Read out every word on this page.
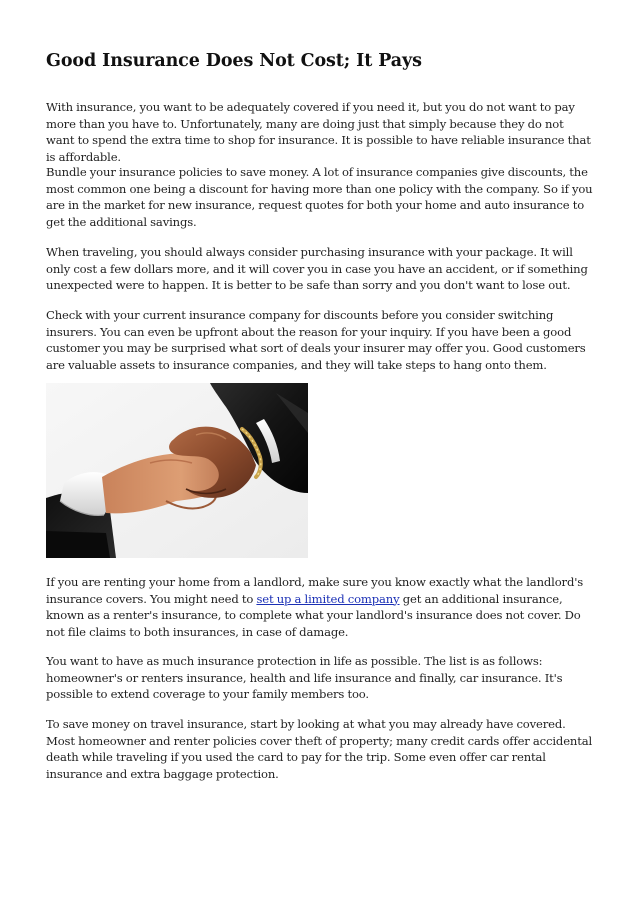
Good Insurance Does Not Cost; It Pays

With insurance, you want to be adequately covered if you need it, but you do not want to pay more than you have to. Unfortunately, many are doing just that simply because they do not want to spend the extra time to shop for insurance. It is possible to have reliable insurance that is affordable.

Bundle your insurance policies to save money. A lot of insurance companies give discounts, the most common one being a discount for having more than one policy with the company. So if you are in the market for new insurance, request quotes for both your home and auto insurance to get the additional savings.

When traveling, you should always consider purchasing insurance with your package. It will only cost a few dollars more, and it will cover you in case you have an accident, or if something unexpected were to happen. It is better to be safe than sorry and you don't want to lose out.

Check with your current insurance company for discounts before you consider switching insurers. You can even be upfront about the reason for your inquiry. If you have been a good customer you may be surprised what sort of deals your insurer may offer you. Good customers are valuable assets to insurance companies, and they will take steps to hang onto them.

If you are renting your home from a landlord, make sure you know exactly what the landlord's insurance covers. You might need to set up a limited company get an additional insurance, known as a renter's insurance, to complete what your landlord's insurance does not cover. Do not file claims to both insurances, in case of damage.

You want to have as much insurance protection in life as possible. The list is as follows: homeowner's or renters insurance, health and life insurance and finally, car insurance. It's possible to extend coverage to your family members too.

To save money on travel insurance, start by looking at what you may already have covered. Most homeowner and renter policies cover theft of property; many credit cards offer accidental death while traveling if you used the card to pay for the trip. Some even offer car rental insurance and extra baggage protection.
